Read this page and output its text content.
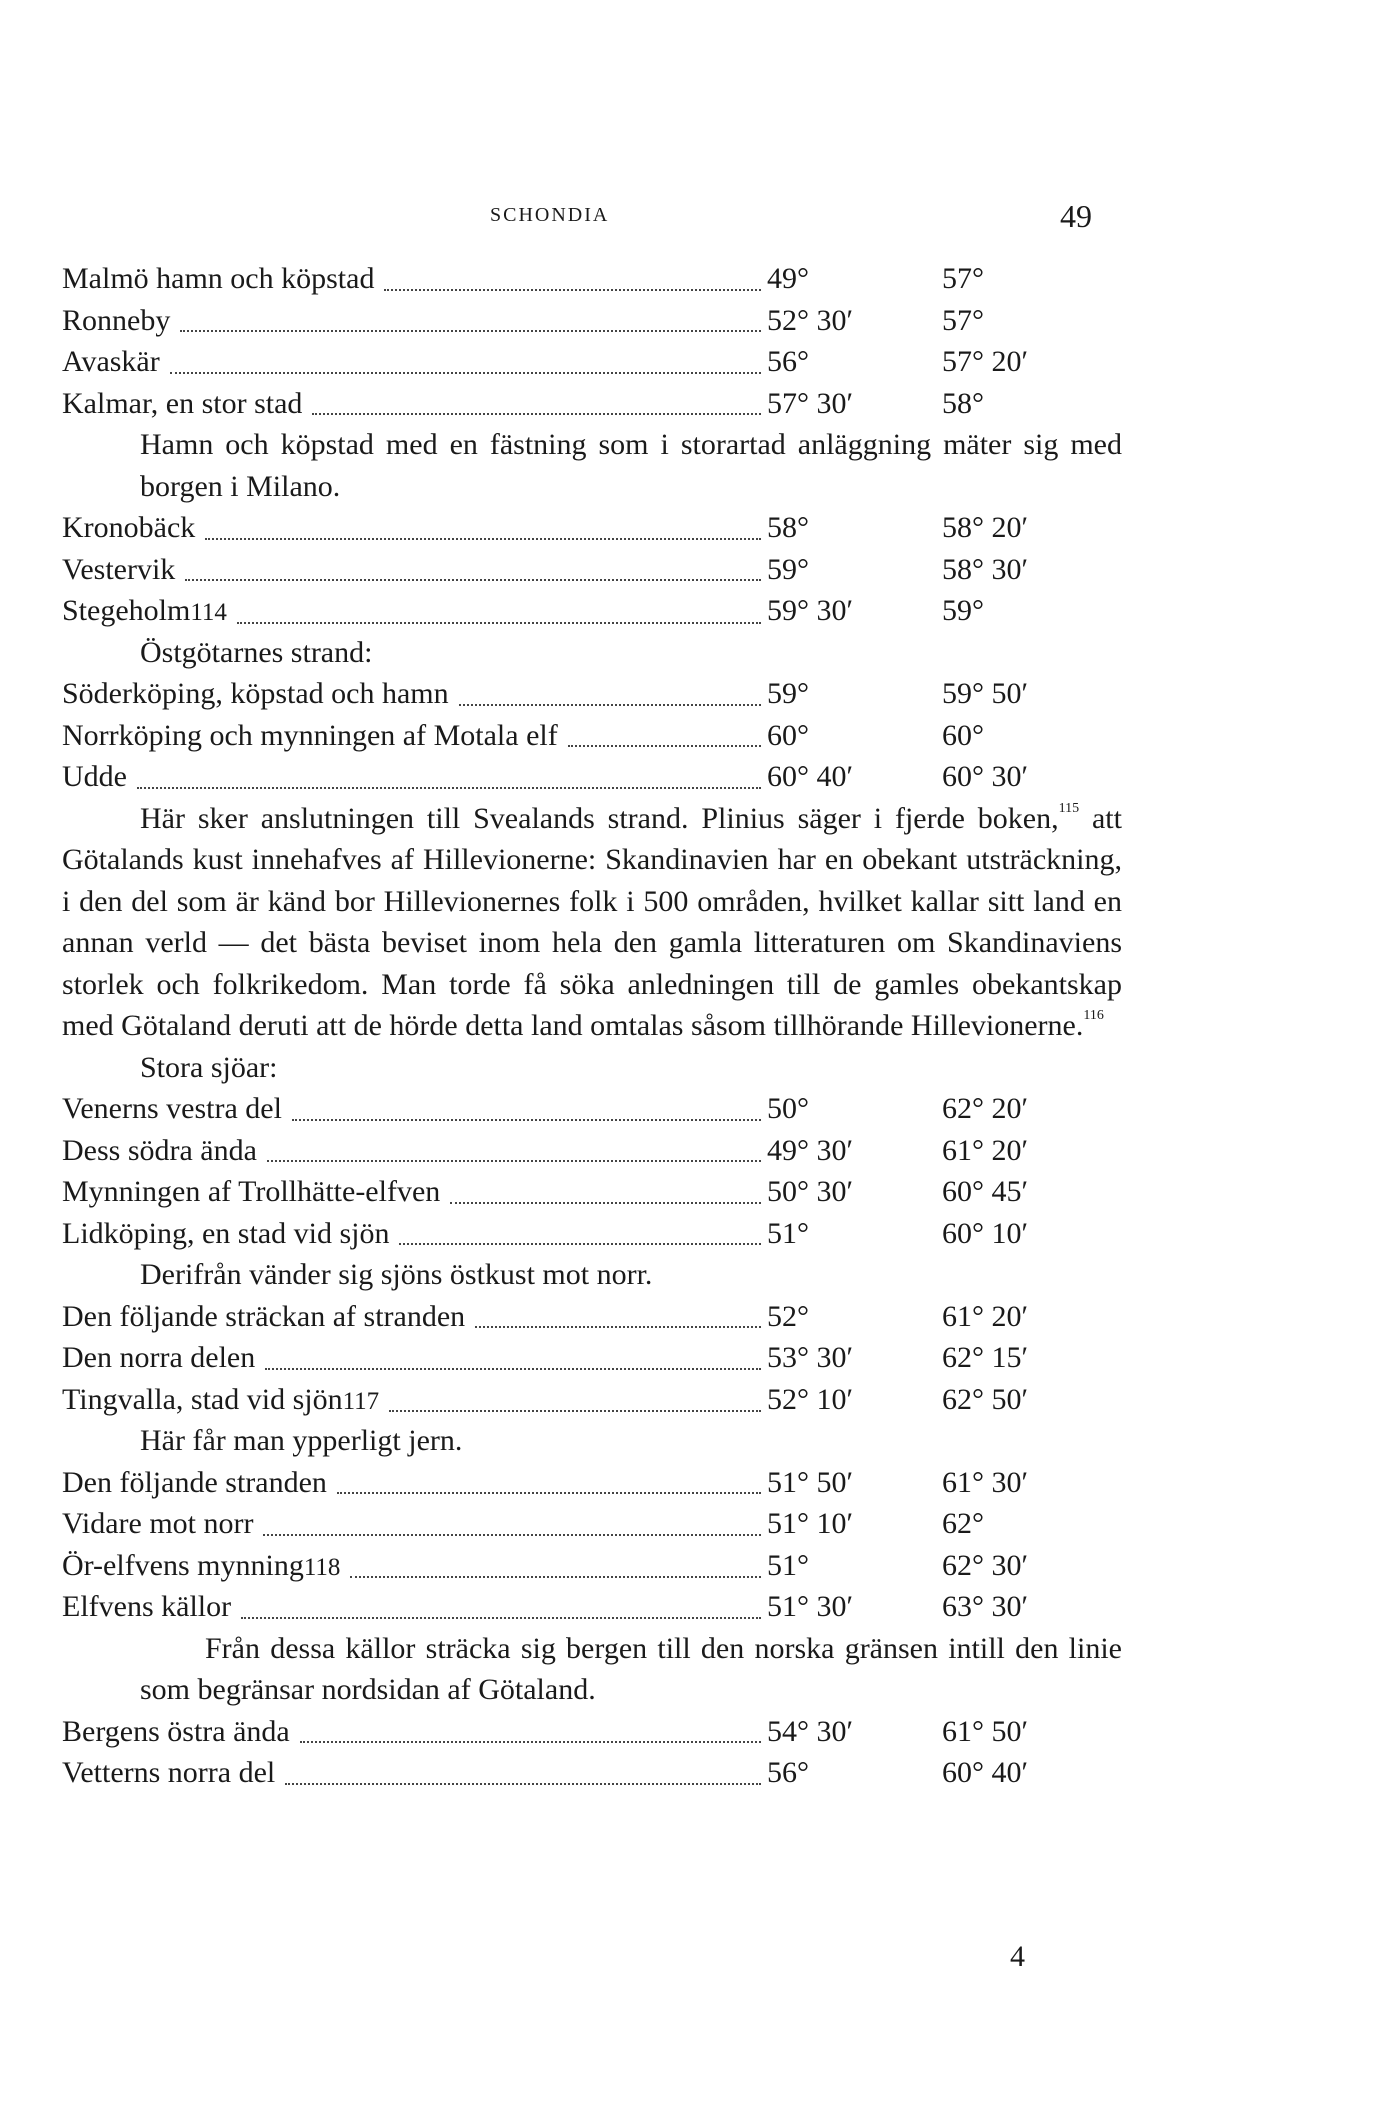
SCHONDIA	49
Malmö hamn och köpstad	49°	57°
Ronneby	52° 30′	57°
Avaskär	56°	57° 20′
Kalmar, en stor stad	57° 30′	58°

Hamn och köpstad med en fästning som i storartad anläggning mäter sig med borgen i Milano.

Kronobäck	58°	58° 20′
Vestervik	59°	58° 30′
Stegeholm 114	59° 30′	59°

Östgötarnes strand:

Söderköping, köpstad och hamn	59°	59° 50′
Norrköping och mynningen af Motala elf	60°	60°
Udde	60° 40′	60° 30′

Här sker anslutningen till Svealands strand. Plinius säger i fjerde boken,$^{115}$ att Götalands kust innehafves af Hillevionerne: Skandinavien har en obekant utsträckning, i den del som är känd bor Hillevionernes folk i 500 områden, hvilket kallar sitt land en annan verld — det bästa beviset inom hela den gamla litteraturen om Skandinaviens storlek och folkrikedom. Man torde få söka anledningen till de gamles obekantskap med Götaland deruti att de hörde detta land omtalas såsom tillhörande Hillevionerne.$^{116}$

Stora sjöar:

Venerns vestra del	50°	62° 20′
Dess södra ända	49° 30′	61° 20′
Mynningen af Trollhätte-elfven	50° 30′	60° 45′
Lidköping, en stad vid sjön	51°	60° 10′

Derifrån vänder sig sjöns östkust mot norr.

Den följande sträckan af stranden	52°	61° 20′
Den norra delen	53° 30′	62° 15′
Tingvalla, stad vid sjön 117	52° 10′	62° 50′

Här får man ypperligt jern.

Den följande stranden	51° 50′	61° 30′
Vidare mot norr	51° 10′	62°
Ör-elfvens mynning 118	51°	62° 30′
Elfvens källor	51° 30′	63° 30′

Från dessa källor sträcka sig bergen till den norska gränsen intill den linie som begränsar nordsidan af Götaland.

Bergens östra ända	54° 30′	61° 50′
Vetterns norra del	56°	60° 40′
4
